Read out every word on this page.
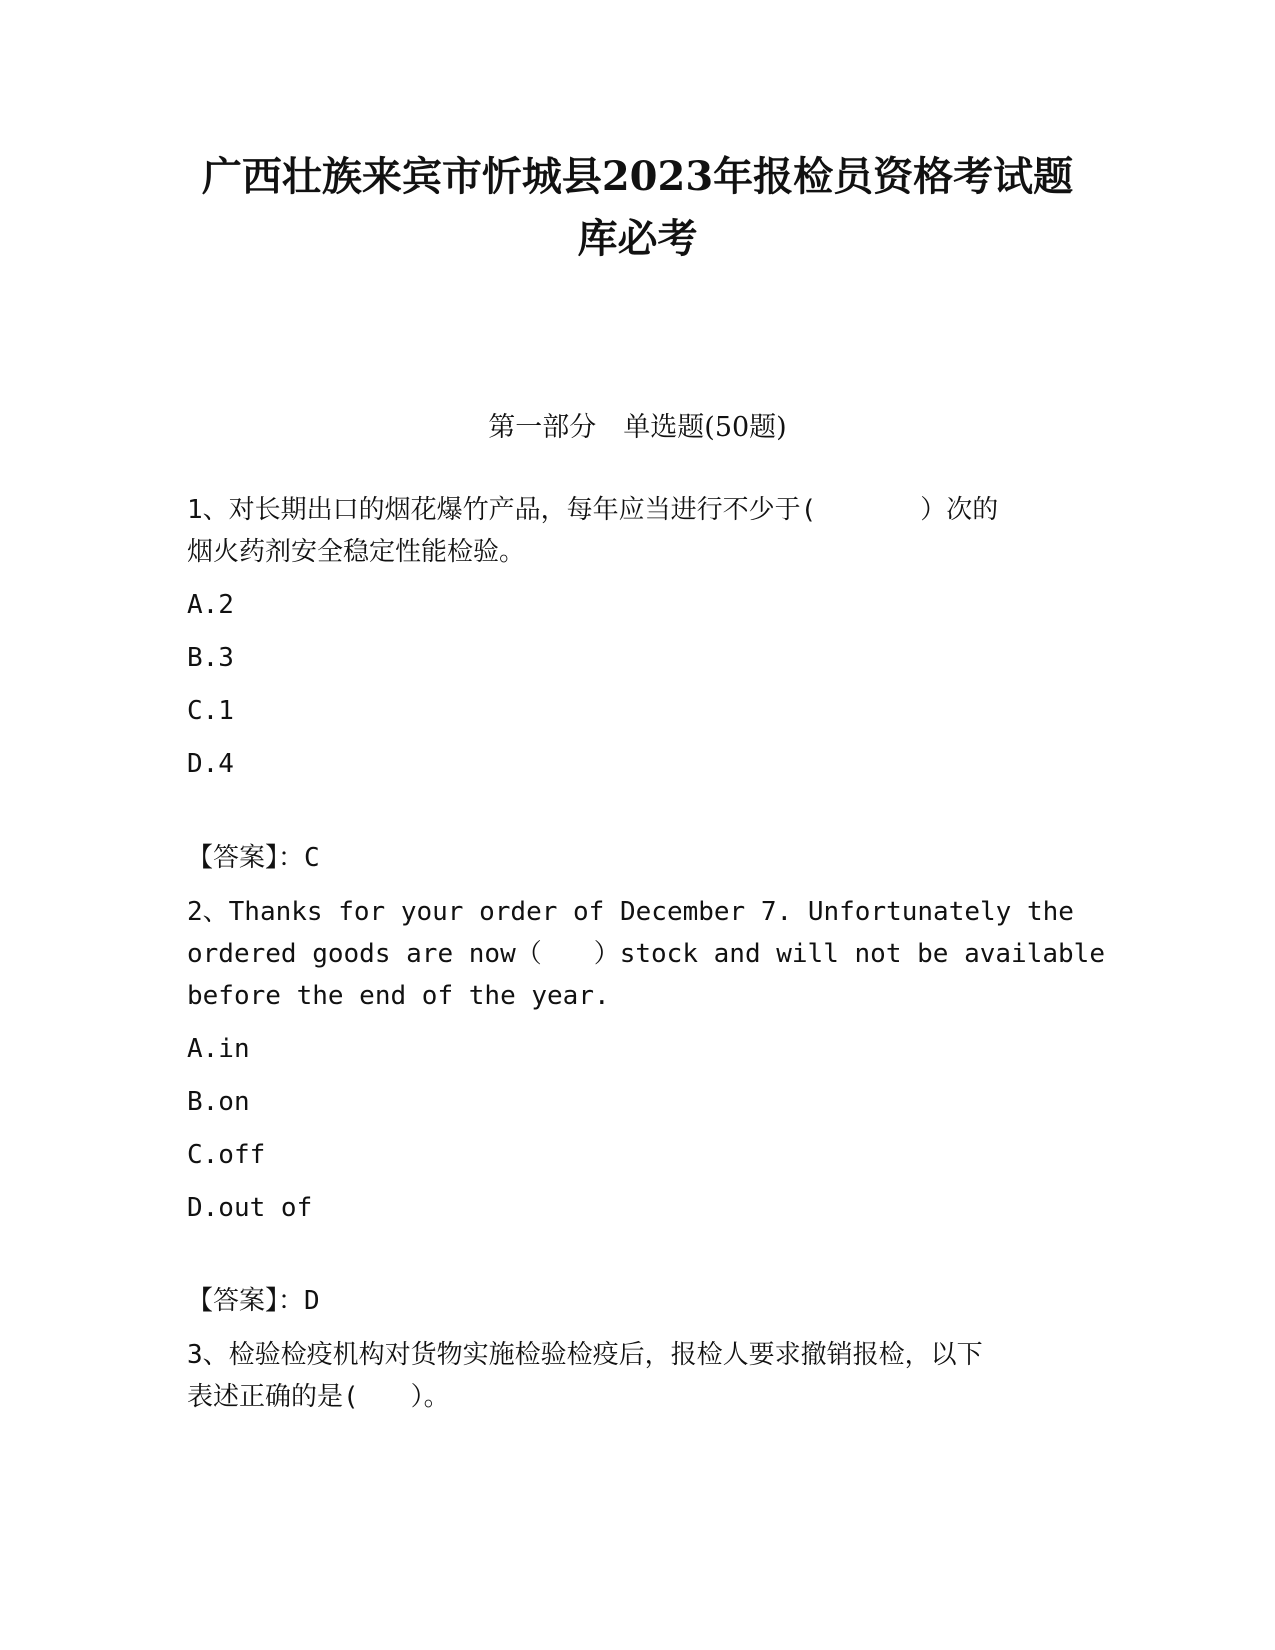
广西壮族来宾市忻城县2023年报检员资格考试题
库必考
第一部分　单选题(50题)
1、对长期出口的烟花爆竹产品，每年应当进行不少于(　　　　）次的
烟火药剂安全稳定性能检验。
A.2
B.3
C.1
D.4
【答案】：C
2、Thanks for your order of December 7. Unfortunately the
ordered goods are now（　　）stock and will not be available
before the end of the year.
A.in
B.on
C.off
D.out of
【答案】：D
3、检验检疫机构对货物实施检验检疫后，报检人要求撤销报检，以下
表述正确的是(　　）。
